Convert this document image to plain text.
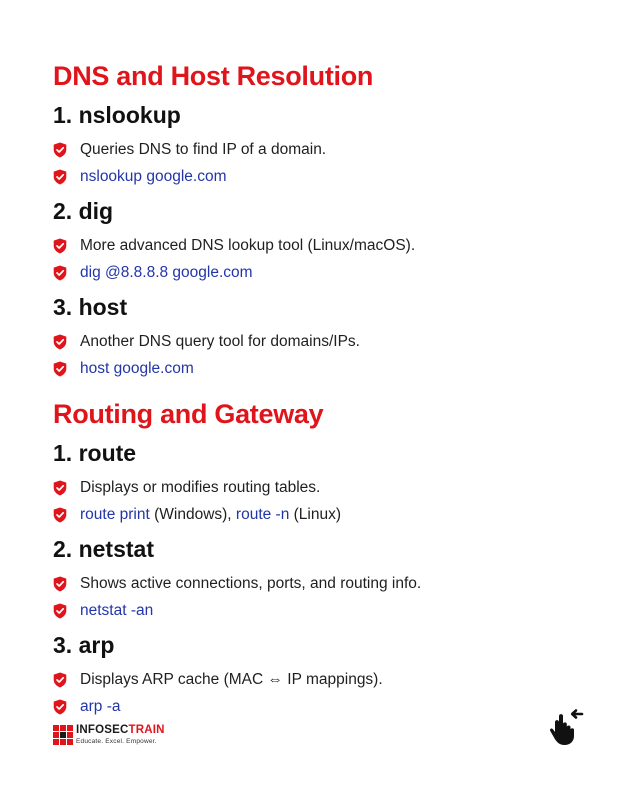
DNS and Host Resolution
1. nslookup
Queries DNS to find IP of a domain.
nslookup google.com
2. dig
More advanced DNS lookup tool (Linux/macOS).
dig @8.8.8.8 google.com
3. host
Another DNS query tool for domains/IPs.
host google.com
Routing and Gateway
1. route
Displays or modifies routing tables.
route print (Windows), route -n (Linux)
2. netstat
Shows active connections, ports, and routing info.
netstat -an
3. arp
Displays ARP cache (MAC ⇔ IP mappings).
arp -a
INFOSECTRAIN
Educate. Excel. Empower.
